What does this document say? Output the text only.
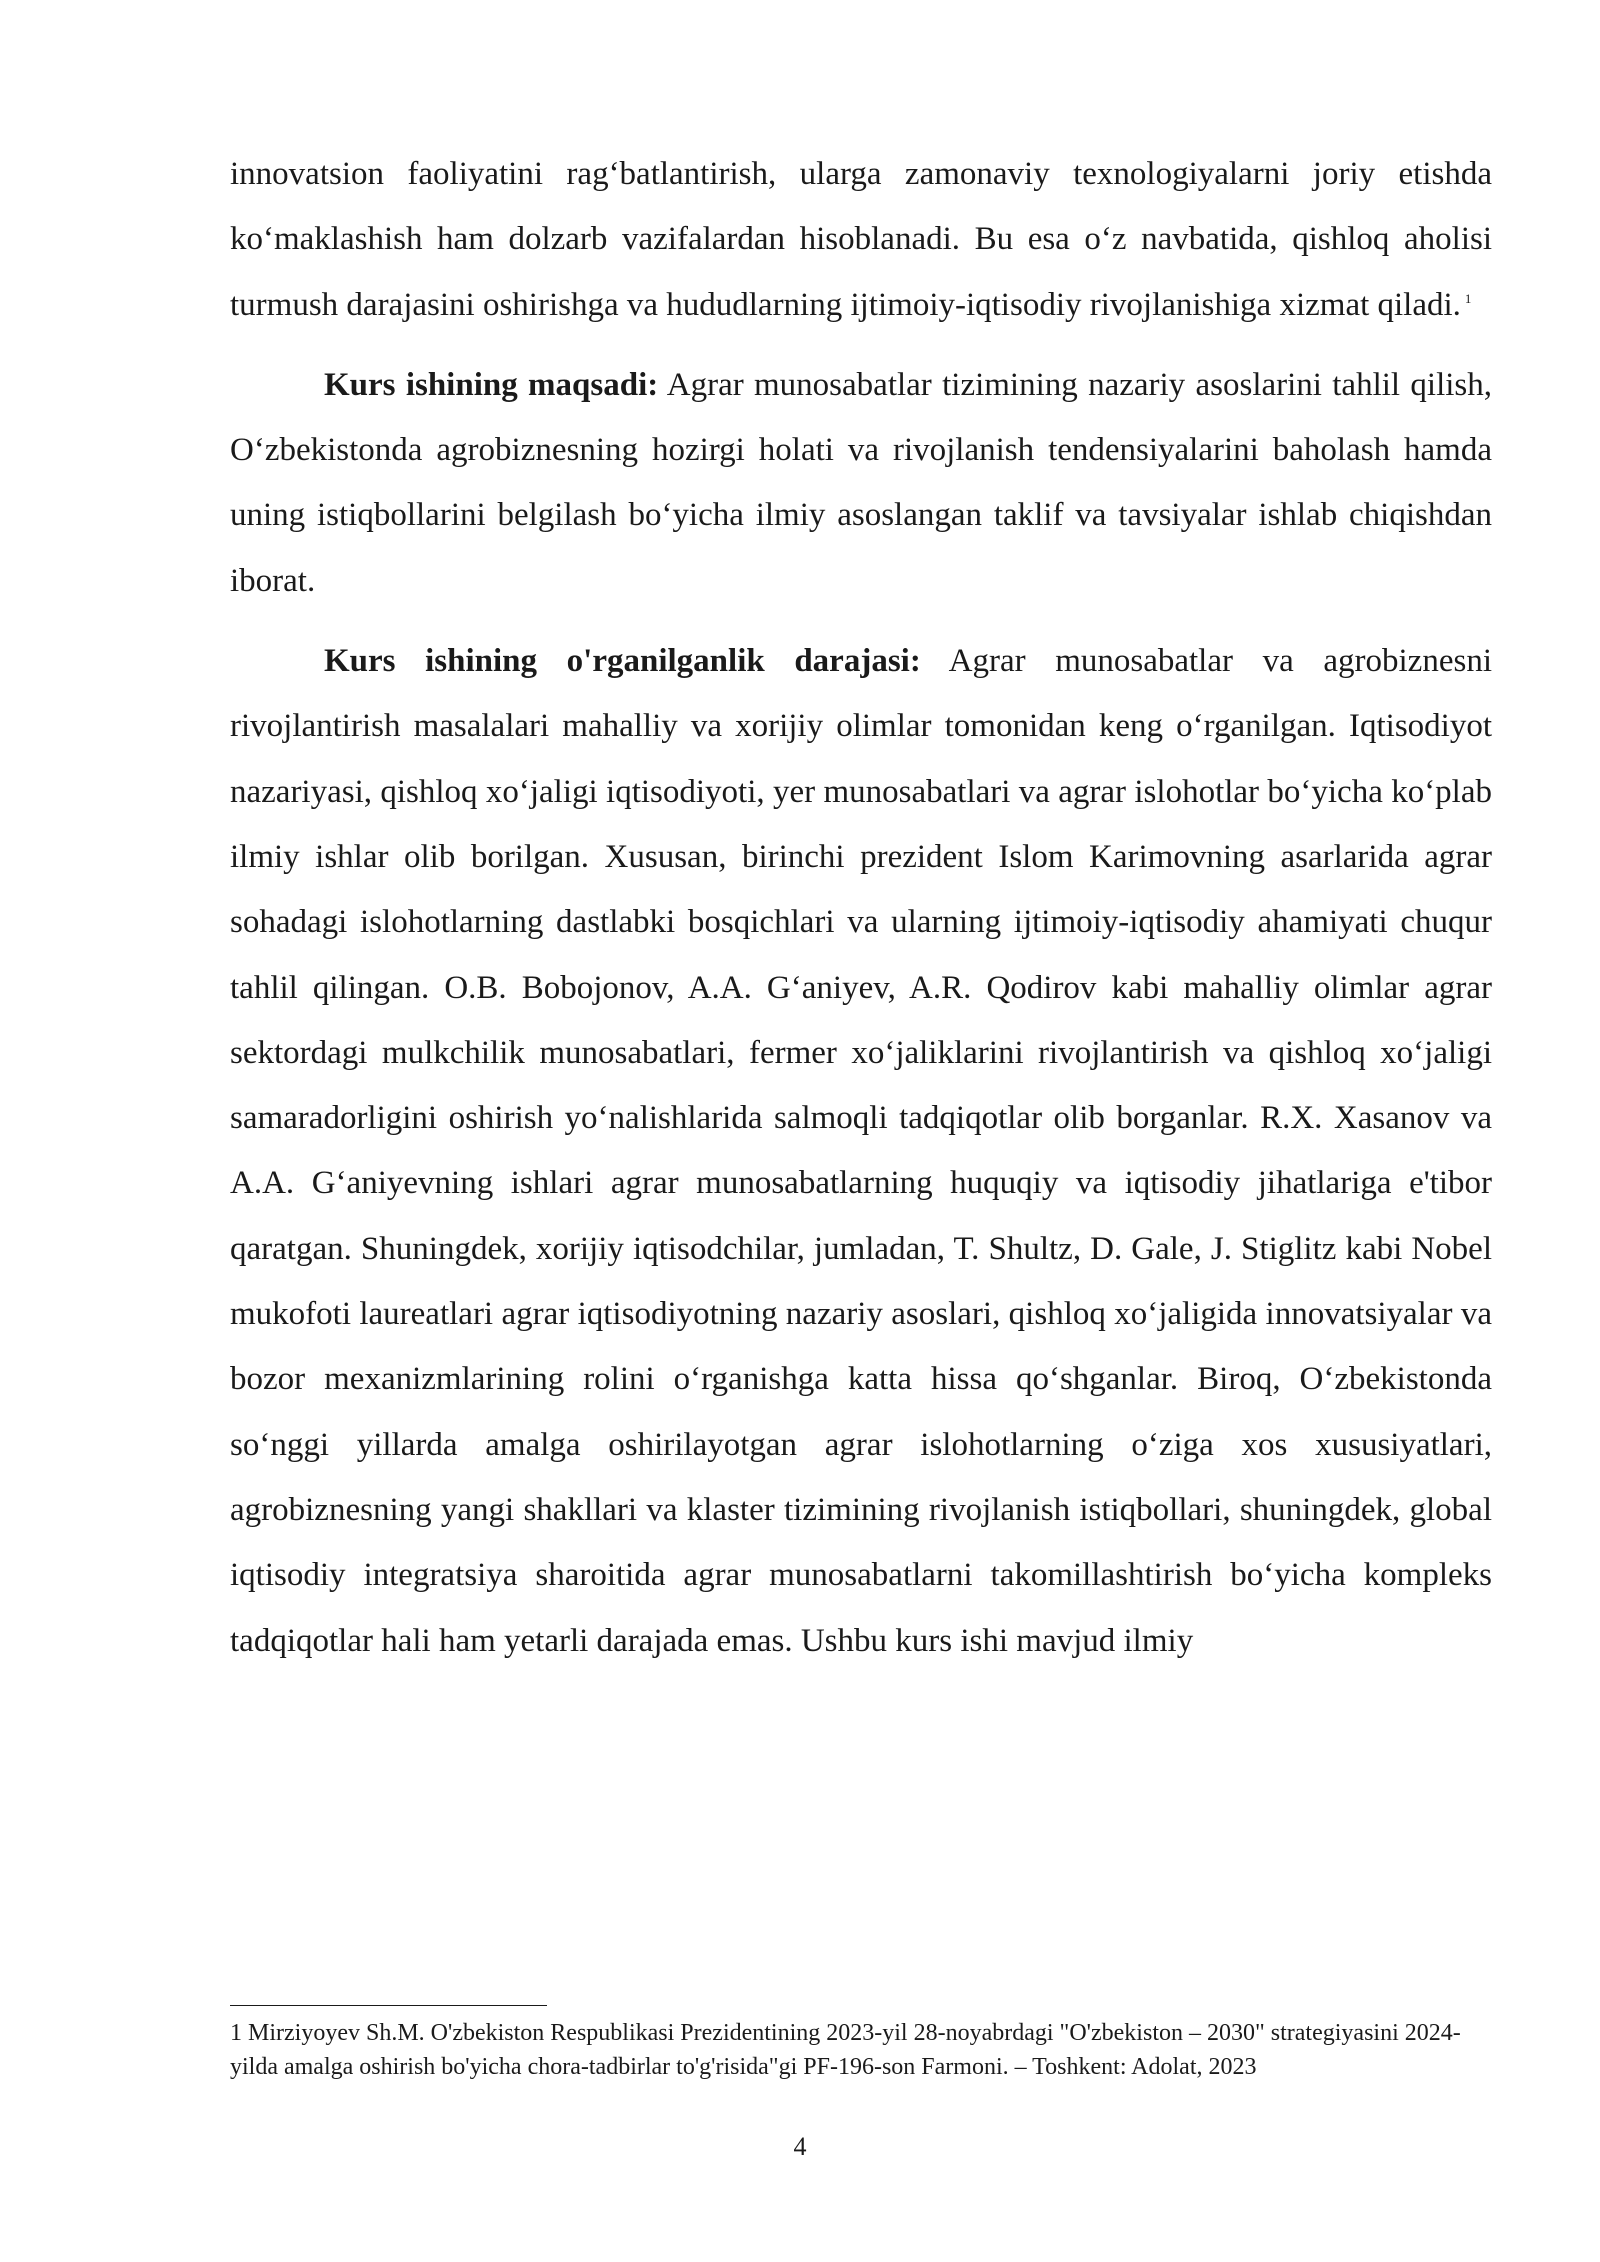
innovatsion faoliyatini rag‘batlantirish, ularga zamonaviy texnologiyalarni joriy etishda ko‘maklashish ham dolzarb vazifalardan hisoblanadi. Bu esa o‘z navbatida, qishloq aholisi turmush darajasini oshirishga va hududlarning ijtimoiy-iqtisodiy rivojlanishiga xizmat qiladi. $^1$

Kurs ishining maqsadi: Agrar munosabatlar tizimining nazariy asoslarini tahlil qilish, O‘zbekistonda agrobiznesning hozirgi holati va rivojlanish tendensiyalarini baholash hamda uning istiqbollarini belgilash bo‘yicha ilmiy asoslangan taklif va tavsiyalar ishlab chiqishdan iborat.

Kurs ishining o'rganilganlik darajasi: Agrar munosabatlar va agrobiznesni rivojlantirish masalalari mahalliy va xorijiy olimlar tomonidan keng o‘rganilgan. Iqtisodiyot nazariyasi, qishloq xo‘jaligi iqtisodiyoti, yer munosabatlari va agrar islohotlar bo‘yicha ko‘plab ilmiy ishlar olib borilgan. Xususan, birinchi prezident Islom Karimovning asarlarida agrar sohadagi islohotlarning dastlabki bosqichlari va ularning ijtimoiy-iqtisodiy ahamiyati chuqur tahlil qilingan. O.B. Bobojonov, A.A. G‘aniyev, A.R. Qodirov kabi mahalliy olimlar agrar sektordagi mulkchilik munosabatlari, fermer xo‘jaliklarini rivojlantirish va qishloq xo‘jaligi samaradorligini oshirish yo‘nalishlarida salmoqli tadqiqotlar olib borganlar. R.X. Xasanov va A.A. G‘aniyevning ishlari agrar munosabatlarning huquqiy va iqtisodiy jihatlariga e'tibor qaratgan. Shuningdek, xorijiy iqtisodchilar, jumladan, T. Shultz, D. Gale, J. Stiglitz kabi Nobel mukofoti laureatlari agrar iqtisodiyotning nazariy asoslari, qishloq xo‘jaligida innovatsiyalar va bozor mexanizmlarining rolini o‘rganishga katta hissa qo‘shganlar. Biroq, O‘zbekistonda so‘nggi yillarda amalga oshirilayotgan agrar islohotlarning o‘ziga xos xususiyatlari, agrobiznesning yangi shakllari va klaster tizimining rivojlanish istiqbollari, shuningdek, global iqtisodiy integratsiya sharoitida agrar munosabatlarni takomillashtirish bo‘yicha kompleks tadqiqotlar hali ham yetarli darajada emas. Ushbu kurs ishi mavjud ilmiy

1 Mirziyoyev Sh.M. O'zbekiston Respublikasi Prezidentining 2023-yil 28-noyabrdagi "O'zbekiston – 2030" strategiyasini 2024-yilda amalga oshirish bo'yicha chora-tadbirlar to'g'risida"gi PF-196-son Farmoni. – Toshkent: Adolat, 2023
4
